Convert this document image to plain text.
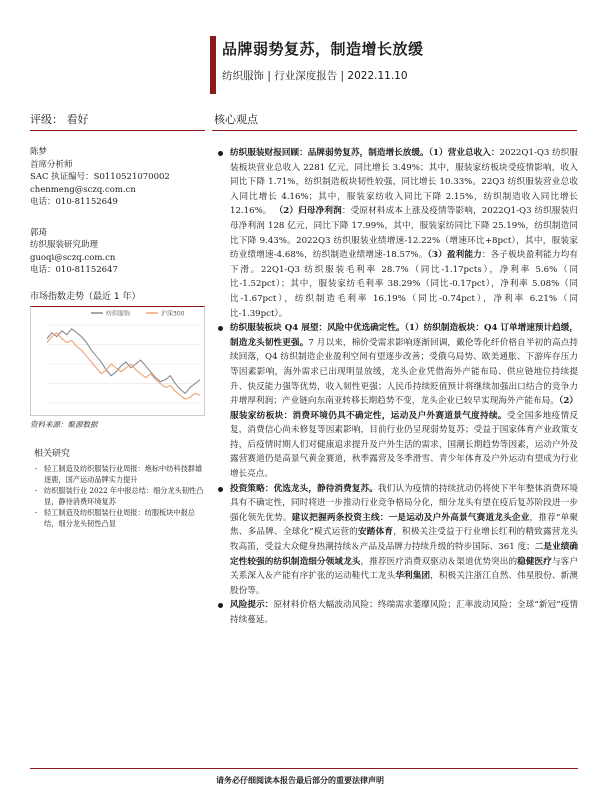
品牌弱势复苏，制造增长放缓
纺织服饰 | 行业深度报告 | 2022.11.10
评级： 看好	核心观点
陈梦
首席分析师
SAC 执证编号：S0110521070002
chenmeng@sczq.com.cn
电话：010-81152649
郭琦
纺织服装研究助理
guoqi@sczq.com.cn
电话：010-81152647
市场指数走势（最近 1 年）
纺织服饰	沪深300
资料来源：聚源数据
相关研究
- 轻工制造及纺织服装行业周报：炮标中纺科技群雄逐鹿，国产运动品牌实力提升
- 纺织服装行业 2022 年中报总结：细分龙头韧性凸显，静待消费环境复苏
- 轻工制造及纺织服装行业周报：纺服板块中报总结，细分龙头韧性凸显
纺织服装财报回顾：品牌弱势复苏，制造增长放缓。（1）营业总收入：2022Q1-Q3 纺织服装板块营业总收入 2281 亿元，同比增长 3.49%；其中，服装家纺板块受疫情影响，收入同比下降 1.71%，纺织制造板块韧性较强，同比增长 10.33%。22Q3 纺织服装营业总收入同比增长 4.16%；其中，服装家纺收入同比下降 2.15%，纺织制造收入同比增长 12.16%。 （2）归母净利润：受原材料成本上涨及疫情等影响，2022Q1-Q3 纺织服装归母净利润 128 亿元，同比下降 17.99%，其中，服装家纺同比下降 25.19%，纺织制造同比下降 9.43%。2022Q3 纺织服装业绩增速-12.22%（增速环比+8pct），其中，服装家纺业绩增速-4.68%，纺织制造业绩增速-18.57%。（3）盈利能力：各子板块盈利能力均有下滑。22Q1-Q3 纺织服装毛利率 28.7%（同比-1.17pcts），净利率 5.6%（同比-1.52pct）；其中，服装家纺毛利率 38.29%（同比-0.17pct），净利率 5.08%（同比-1.67pct），纺织制造毛利率 16.19%（同比-0.74pct），净利率 6.21%（同比-1.39pct）。
纺织服装板块 Q4 展望：风险中优选确定性。（1）纺织制造板块：Q4 订单增速预计趋缓，制造龙头韧性更强。7 月以来，棉价受需求影响逐渐回调，戴伦等化纤价格自半初的高点持续回落，Q4 纺织制造企业盈利空间有望逐步改善；受俄乌局势、欧美通胀、下游库存压力等因素影响，海外需求已出现明显放缓，龙头企业凭借海外产能布局、供应链地位持续提升、快反能力强等优势，收入韧性更强；人民币持续贬值预计将继续加强出口结合的竞争力并增厚利润；产业链向东南亚转移长期趋势不变，龙头企业已较早实现海外产能布局。（2）服装家纺板块：消费环境仍具不确定性，运动及户外赛道景气度持续。受全国多地疫情反复，消费信心尚未修复等因素影响，目前行业仍呈现弱势复苏；受益于国家体育产业政策支持，后疫情时期人们对健康追求提升及户外生活的需求，国潮长期趋势等因素，运动户外及露营赛道仍是高景气黄金赛道，秋季露营及冬季滑雪、青少年体育及户外运动有望成为行业增长亮点。
投资策略：优选龙头，静待消费复苏。我们认为疫情的持续扰动仍将使下半年整体消费环境具有不确定性，同时将进一步推动行业竞争格局分化，细分龙头有望在疫后复苏阶段进一步强化领先优势。建议把握两条投资主线：一是运动及户外高景气赛道龙头企业，推荐“单聚焦、多品牌、全球化”模式运营的安踏体育，积极关注受益于行业增长红利的精致露营龙头牧高笛，受益大众健身热潮持续＆产品及品牌力持续升级的特步国际、361 度；二是业绩确定性较强的纺织制造细分领域龙头，推荐医疗消费双驱动＆渠道优势突出的稳健医疗与客户关系深入＆产能有序扩张的运动鞋代工龙头华利集团，积极关注浙江自然、伟星股份、新澳股份等。
风险提示：原材料价格大幅波动风险；终端需求萎靡风险；汇率波动风险；全球“新冠”疫情持续蔓延。
请务必仔细阅读本报告最后部分的重要法律声明
